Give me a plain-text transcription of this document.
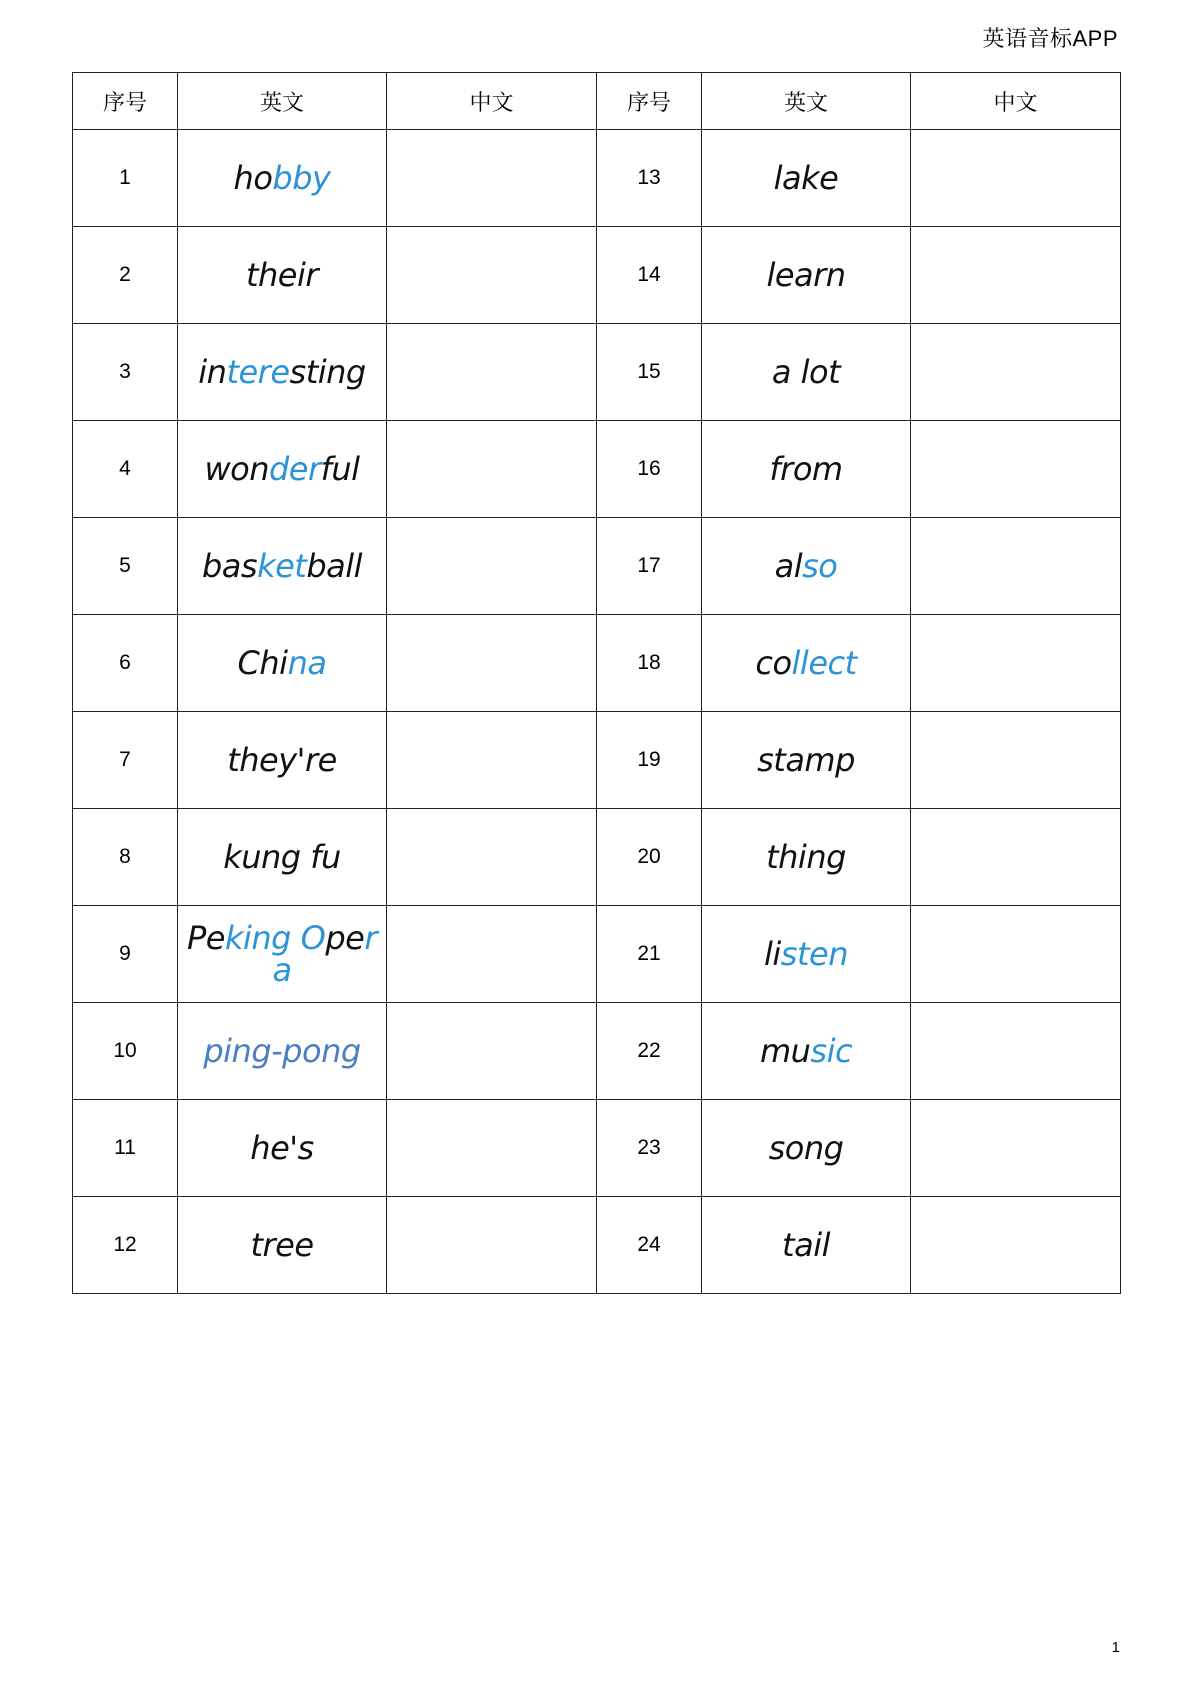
英语音标APP
序号	英文	中文	序号	英文	中文
1	hobby		13	lake	
2	their		14	learn	
3	interesting		15	a lot	
4	wonderful		16	from	
5	basketball		17	also	
6	China		18	collect	
7	they're		19	stamp	
8	kung fu		20	thing	
9	Peking Opera		21	listen	
10	ping-pong		22	music	
11	he's		23	song	
12	tree		24	tail	
1
